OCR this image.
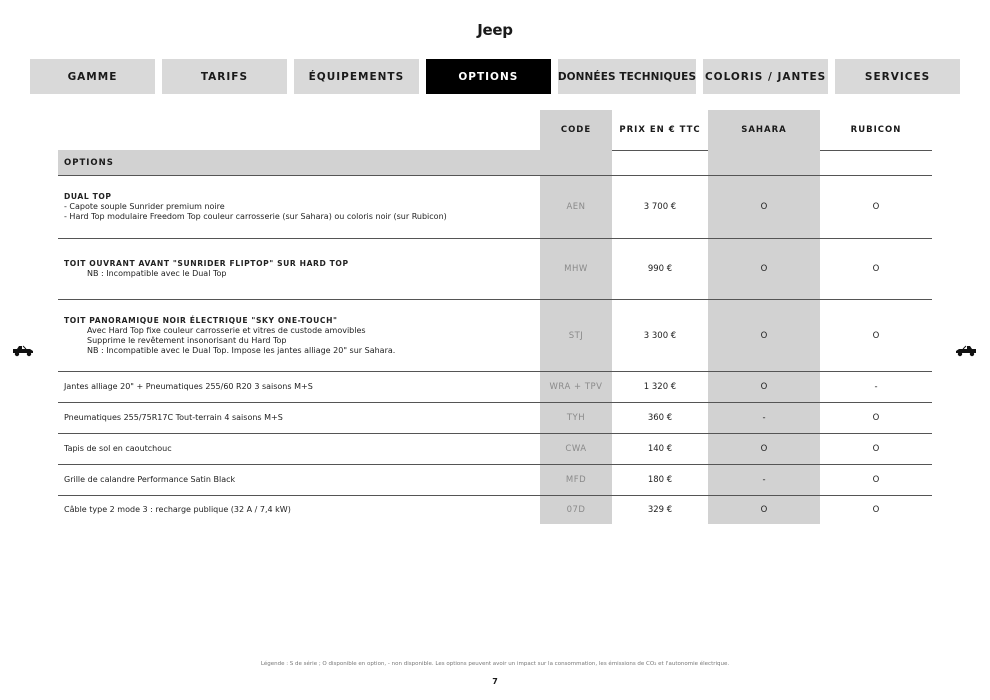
Jeep
GAMME	TARIFS	ÉQUIPEMENTS	OPTIONS	DONNÉES TECHNIQUES COLORIS / JANTES	SERVICES
CODE	PRIX EN € TTC	SAHARA	RUBICON
OPTIONS
DUAL TOP
- Capote souple Sunrider premium noire
- Hard Top modulaire Freedom Top couleur carrosserie (sur Sahara) ou coloris noir (sur Rubicon)
AEN	3 700 €	O	O
TOIT OUVRANT AVANT "SUNRIDER FLIPTOP" SUR HARD TOP
NB : Incompatible avec le Dual Top	MHW	990 €	O	O
TOIT PANORAMIQUE NOIR ÉLECTRIQUE "SKY ONE-TOUCH"
Avec Hard Top fixe couleur carrosserie et vitres de custode amovibles
Supprime le revêtement insonorisant du Hard Top
NB : Incompatible avec le Dual Top. Impose les jantes alliage 20" sur Sahara.
STJ	3 300 €	O	O
Jantes alliage 20" + Pneumatiques 255/60 R20 3 saisons M+S	WRA + TPV	1 320 €	O	-
Pneumatiques 255/75R17C Tout-terrain 4 saisons M+S	TYH	360 €	-	O
Tapis de sol en caoutchouc	CWA	140 €	O	O
Grille de calandre Performance Satin Black	MFD	180 €	-	O
Câble type 2 mode 3 : recharge publique (32 A / 7,4 kW)	07D	329 €	O	O
Légende : S de série ; O disponible en option, - non disponible. Les options peuvent avoir un impact sur la consommation, les émissions de CO₂ et l'autonomie électrique.
7
